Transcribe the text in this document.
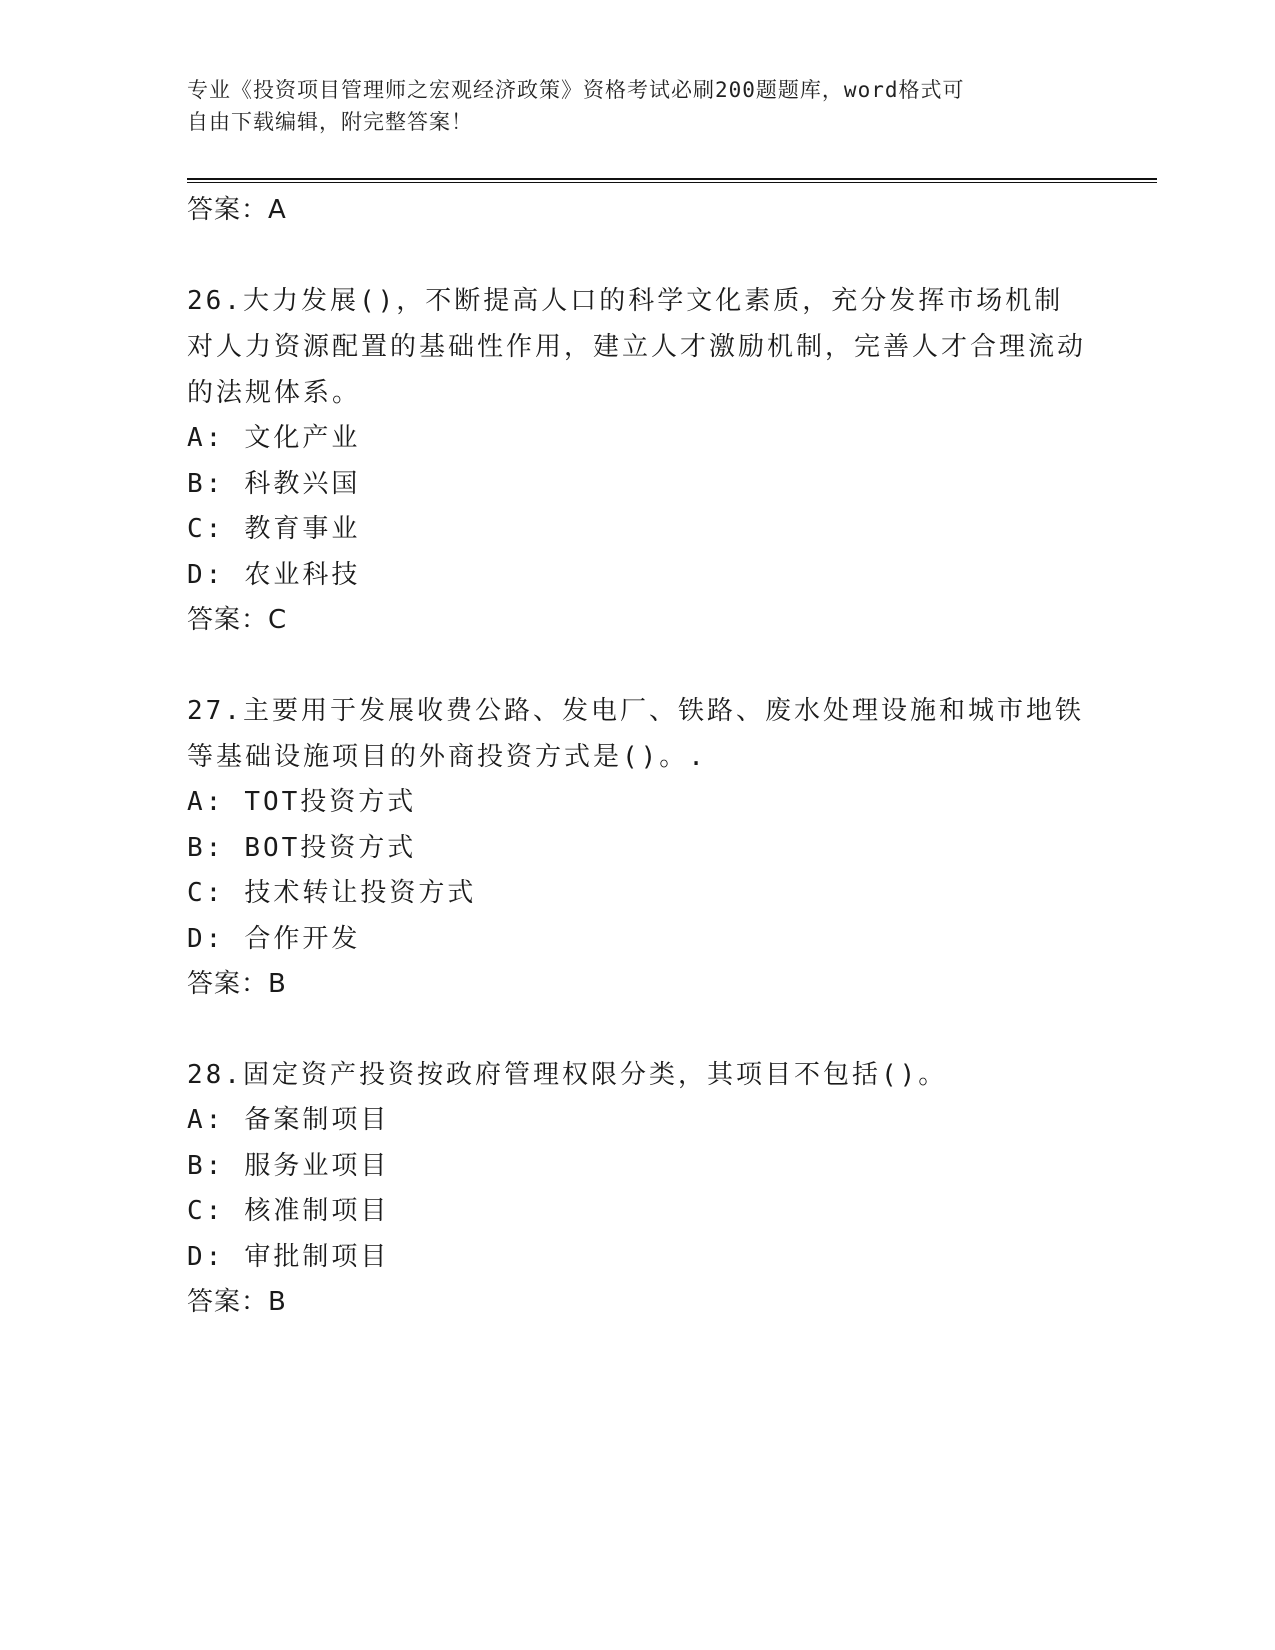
专业《投资项目管理师之宏观经济政策》资格考试必刷200题题库，word格式可
自由下载编辑，附完整答案！
答案：A
26.大力发展()，不断提高人口的科学文化素质，充分发挥市场机制对人力资源配置的基础性作用，建立人才激励机制，完善人才合理流动的法规体系。
A: 文化产业
B: 科教兴国
C: 教育事业
D: 农业科技
答案：C
27.主要用于发展收费公路、发电厂、铁路、废水处理设施和城市地铁等基础设施项目的外商投资方式是()。.
A: TOT投资方式
B: BOT投资方式
C: 技术转让投资方式
D: 合作开发
答案：B
28.固定资产投资按政府管理权限分类，其项目不包括()。
A: 备案制项目
B: 服务业项目
C: 核准制项目
D: 审批制项目
答案：B
